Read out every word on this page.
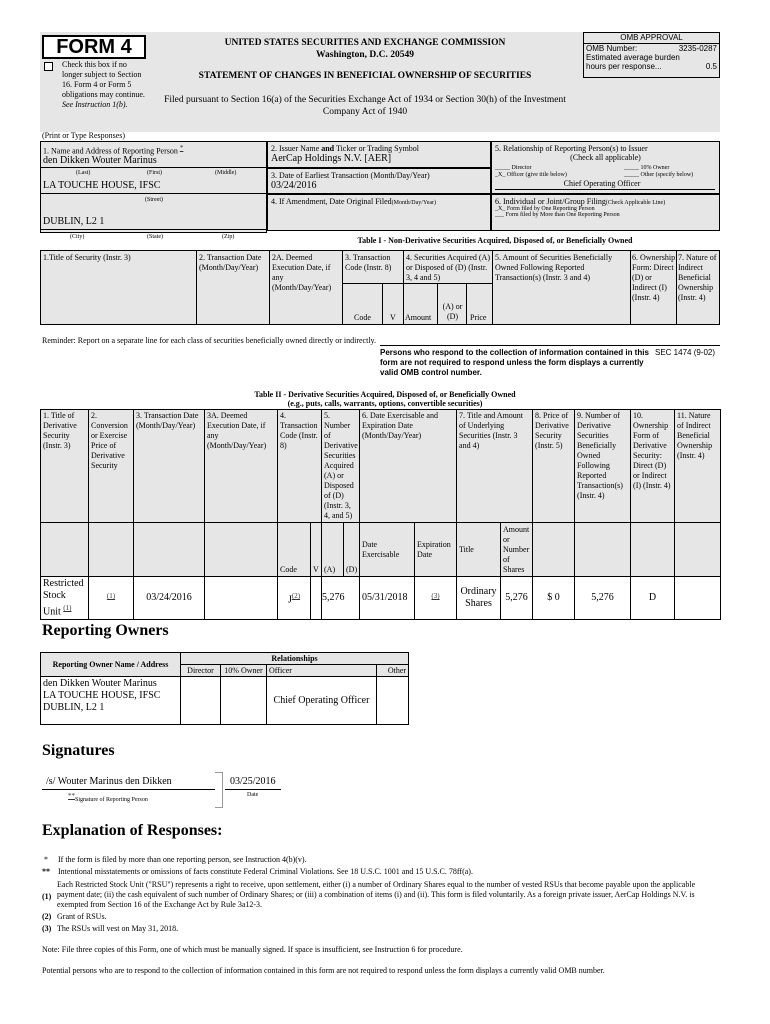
FORM 4
Check this box if no longer subject to Section 16. Form 4 or Form 5 obligations may continue. See Instruction 1(b).
UNITED STATES SECURITIES AND EXCHANGE COMMISSION
Washington, D.C. 20549
STATEMENT OF CHANGES IN BENEFICIAL OWNERSHIP OF SECURITIES
Filed pursuant to Section 16(a) of the Securities Exchange Act of 1934 or Section 30(h) of the Investment Company Act of 1940
OMB APPROVAL
OMB Number:	3235-0287
Estimated average burden
hours per response...	0.5
(Print or Type Responses)
1. Name and Address of Reporting Person *
den Dikken Wouter Marinus
(Last)	(First)	(Middle)
LA TOUCHE HOUSE, IFSC
(Street)
DUBLIN, L2 1
(City)	(State)	(Zip)
2. Issuer Name and Ticker or Trading Symbol
AerCap Holdings N.V. [AER]
3. Date of Earliest Transaction (Month/Day/Year)
03/24/2016
4. If Amendment, Date Original Filed(Month/Day/Year)
5. Relationship of Reporting Person(s) to Issuer
(Check all applicable)
_____ Director	_____ 10% Owner
_X_ Officer (give title below)	_____ Other (specify below)
Chief Operating Officer
6. Individual or Joint/Group Filing(Check Applicable Line)
_X_ Form filed by One Reporting Person
___ Form filed by More than One Reporting Person
Table I - Non-Derivative Securities Acquired, Disposed of, or Beneficially Owned
1.Title of Security (Instr. 3)	2. Transaction Date (Month/Day/Year)
2A. Deemed Execution Date, if any (Month/Day/Year)
3. Transaction Code (Instr. 8)
4. Securities Acquired (A) or Disposed of (D) (Instr. 3, 4 and 5)
5. Amount of Securities Beneficially Owned Following Reported Transaction(s) (Instr. 3 and 4)
6. Ownership Form: Direct (D) or Indirect (I) (Instr. 4)
7. Nature of Indirect Beneficial Ownership (Instr. 4)
Code V Amount
(A) or (D)	Price
Reminder: Report on a separate line for each class of securities beneficially owned directly or indirectly.
Persons who respond to the collection of information contained in this form are not required to respond unless the form displays a currently valid OMB control number.
SEC 1474 (9-02)
Table II - Derivative Securities Acquired, Disposed of, or Beneficially Owned
(e.g., puts, calls, warrants, options, convertible securities)
1. Title of Derivative Security (Instr. 3)	2. Conversion or Exercise Price of Derivative Security	3. Transaction Date (Month/Day/Year)	3A. Deemed Execution Date, if any (Month/Day/Year)	4. Transaction Code (Instr. 8)		5. Number of Derivative Securities Acquired (A) or Disposed of (D) (Instr. 3, 4, and 5)		6. Date Exercisable and Expiration Date (Month/Day/Year)		7. Title and Amount of Underlying Securities (Instr. 3 and 4)		8. Price of Derivative Security (Instr. 5)	9. Number of Derivative Securities Beneficially Owned Following Reported Transaction(s) (Instr. 4)	10. Ownership Form of Derivative Security: Direct (D) or Indirect (I) (Instr. 4)	11. Nature of Indirect Beneficial Ownership (Instr. 4)
				Code	V	(A)	(D)	Date Exercisable	Expiration Date	Title	Amount or Number of Shares				
Restricted Stock Unit $^{(1)}$	$^{(1)}$	03/24/2016		$J^{(2)}$		5,276		05/31/2018	$^{(3)}$	Ordinary Shares	5,276	$ 0	5,276	D	
Reporting Owners
Reporting Owner Name / Address	Relationships			
	Director	10% Owner	Officer	Other

den Dikken Wouter Marinus
LA TOUCHE HOUSE, IFSC
DUBLIN, L2 1			Chief Operating Officer	
Signatures
/s/ Wouter Marinus den Dikken
**Signature of Reporting Person
03/25/2016
Date
Explanation of Responses:
* If the form is filed by more than one reporting person, see Instruction 4(b)(v).
** Intentional misstatements or omissions of facts constitute Federal Criminal Violations. See 18 U.S.C. 1001 and 15 U.S.C. 78ff(a).
(1)
Each Restricted Stock Unit ("RSU") represents a right to receive, upon settlement, either (i) a number of Ordinary Shares equal to the number of vested RSUs that become payable upon the applicable payment date; (ii) the cash equivalent of such number of Ordinary Shares; or (iii) a combination of items (i) and (ii). This form is filed voluntarily. As a foreign private issuer, AerCap Holdings N.V. is exempted from Section 16 of the Exchange Act by Rule 3a12-3.
(2) Grant of RSUs.
(3) The RSUs will vest on May 31, 2018.
Note: File three copies of this Form, one of which must be manually signed. If space is insufficient, see Instruction 6 for procedure.
Potential persons who are to respond to the collection of information contained in this form are not required to respond unless the form displays a currently valid OMB number.
